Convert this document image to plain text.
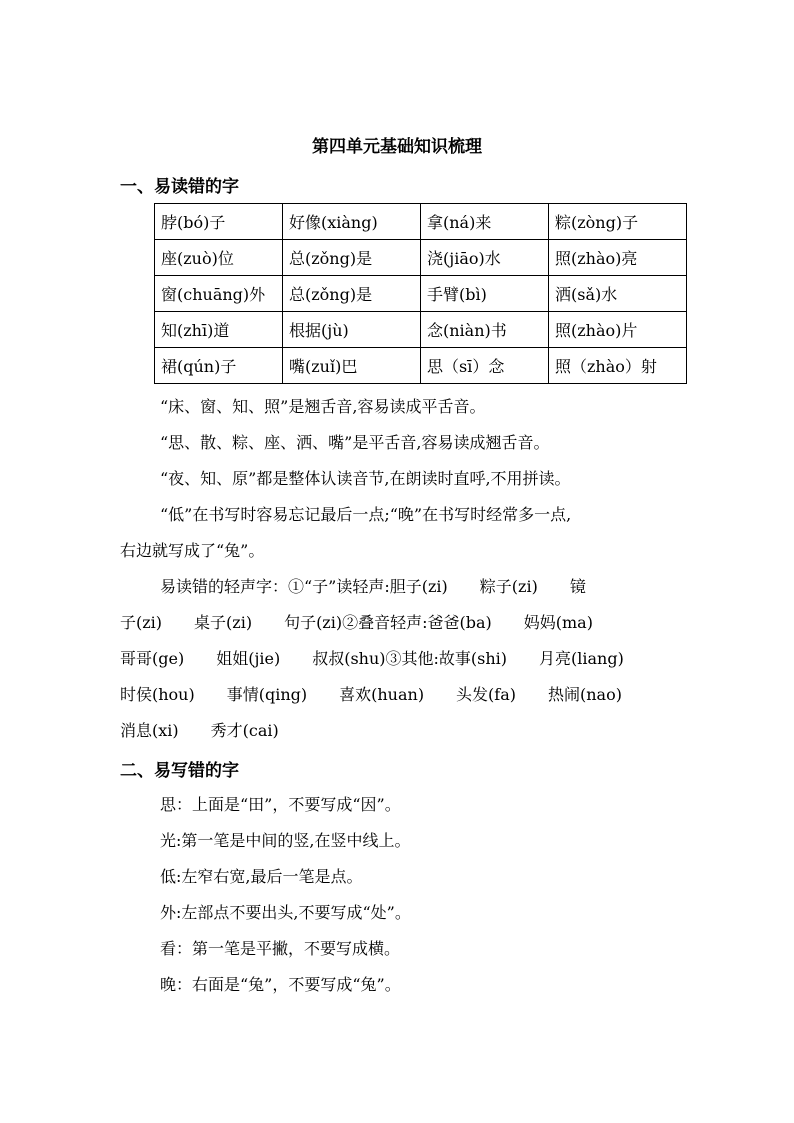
第四单元基础知识梳理
一、易读错的字
脖(bó)子	好像(xiàng)	拿(ná)来	粽(zòng)子
座(zuò)位	总(zǒng)是	浇(jiāo)水	照(zhào)亮
窗(chuāng)外	总(zǒng)是	手臂(bì)	洒(sǎ)水
知(zhī)道	根据(jù)	念(niàn)书	照(zhào)片
裙(qún)子	嘴(zuǐ)巴	思（sī）念	照（zhào）射
“床、窗、知、照”是翘舌音,容易读成平舌音。
“思、散、粽、座、洒、嘴”是平舌音,容易读成翘舌音。
“夜、知、原”都是整体认读音节,在朗读时直呼,不用拼读。
“低”在书写时容易忘记最后一点;“晚”在书写时经常多一点,
右边就写成了“兔”。
易读错的轻声字：①“子”读轻声:胆子(zi)　　粽子(zi)　　镜
子(zi)　　桌子(zi)　　句子(zi)②叠音轻声:爸爸(ba)　　妈妈(ma)
哥哥(ge)　　姐姐(jie)　　叔叔(shu)③其他:故事(shi)　　月亮(liang)
时侯(hou)　　事情(qing)　　喜欢(huan)　　头发(fa)　　热闹(nao)
消息(xi)　　秀才(cai)
二、易写错的字
思：上面是“田”，不要写成“因”。
光:第一笔是中间的竖,在竖中线上。
低:左窄右宽,最后一笔是点。
外:左部点不要出头,不要写成“处”。
看：第一笔是平撇，不要写成横。
晚：右面是“兔”，不要写成“兔”。
